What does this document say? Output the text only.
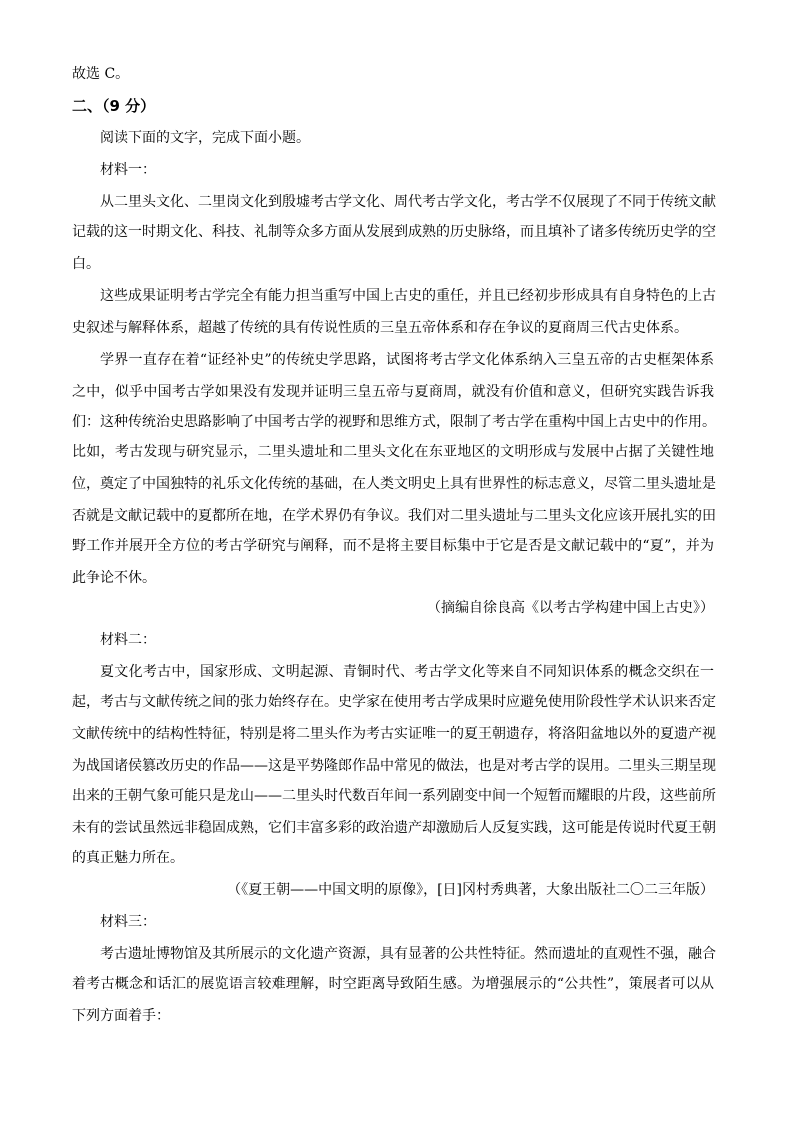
故选 C。
二、（9 分）
阅读下面的文字，完成下面小题。
材料一：
从二里头文化、二里岗文化到殷墟考古学文化、周代考古学文化，考古学不仅展现了不同于传统文献
记载的这一时期文化、科技、礼制等众多方面从发展到成熟的历史脉络，而且填补了诸多传统历史学的空
白。
这些成果证明考古学完全有能力担当重写中国上古史的重任，并且已经初步形成具有自身特色的上古
史叙述与解释体系，超越了传统的具有传说性质的三皇五帝体系和存在争议的夏商周三代古史体系。
学界一直存在着“证经补史”的传统史学思路，试图将考古学文化体系纳入三皇五帝的古史框架体系
之中，似乎中国考古学如果没有发现并证明三皇五帝与夏商周，就没有价值和意义，但研究实践告诉我
们：这种传统治史思路影响了中国考古学的视野和思维方式，限制了考古学在重构中国上古史中的作用。
比如，考古发现与研究显示，二里头遗址和二里头文化在东亚地区的文明形成与发展中占据了关键性地
位，奠定了中国独特的礼乐文化传统的基础，在人类文明史上具有世界性的标志意义，尽管二里头遗址是
否就是文献记载中的夏都所在地，在学术界仍有争议。我们对二里头遗址与二里头文化应该开展扎实的田
野工作并展开全方位的考古学研究与阐释，而不是将主要目标集中于它是否是文献记载中的“夏”，并为
此争论不休。
（摘编自徐良高《以考古学构建中国上古史》）
材料二：
夏文化考古中，国家形成、文明起源、青铜时代、考古学文化等来自不同知识体系的概念交织在一
起，考古与文献传统之间的张力始终存在。史学家在使用考古学成果时应避免使用阶段性学术认识来否定
文献传统中的结构性特征，特别是将二里头作为考古实证唯一的夏王朝遗存，将洛阳盆地以外的夏遗产视
为战国诸侯篡改历史的作品——这是平势隆郎作品中常见的做法，也是对考古学的误用。二里头三期呈现
出来的王朝气象可能只是龙山——二里头时代数百年间一系列剧变中间一个短暂而耀眼的片段，这些前所
未有的尝试虽然远非稳固成熟，它们丰富多彩的政治遗产却激励后人反复实践，这可能是传说时代夏王朝
的真正魅力所在。
（《夏王朝——中国文明的原像》，[日]冈村秀典著，大象出版社二〇二三年版）
材料三：
考古遗址博物馆及其所展示的文化遗产资源，具有显著的公共性特征。然而遗址的直观性不强，融合
着考古概念和话汇的展览语言较难理解，时空距离导致陌生感。为增强展示的“公共性”，策展者可以从
下列方面着手：
